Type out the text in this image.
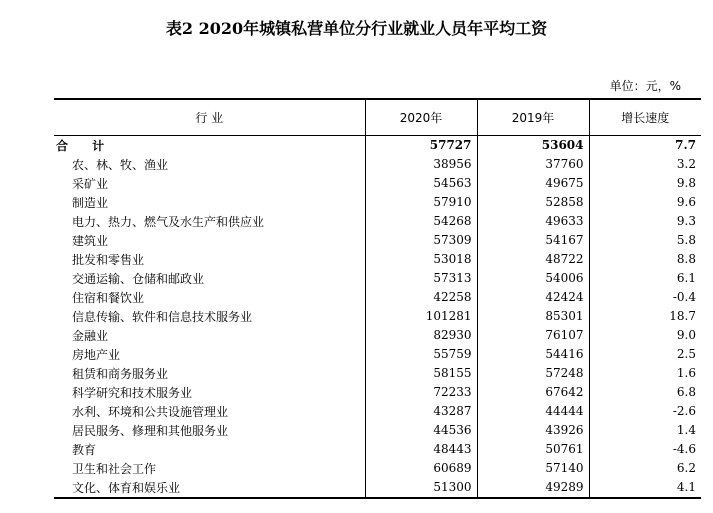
表2 2020年城镇私营单位分行业就业人员年平均工资
单位：元，%
行 业	2020年	2019年	增长速度
合 计	57727	53604	7.7
农、林、牧、渔业	38956	37760	3.2
采矿业	54563	49675	9.8
制造业	57910	52858	9.6
电力、热力、燃气及水生产和供应业	54268	49633	9.3
建筑业	57309	54167	5.8
批发和零售业	53018	48722	8.8
交通运输、仓储和邮政业	57313	54006	6.1
住宿和餐饮业	42258	42424	-0.4
信息传输、软件和信息技术服务业	101281	85301	18.7
金融业	82930	76107	9.0
房地产业	55759	54416	2.5
租赁和商务服务业	58155	57248	1.6
科学研究和技术服务业	72233	67642	6.8
水利、环境和公共设施管理业	43287	44444	-2.6
居民服务、修理和其他服务业	44536	43926	1.4
教育	48443	50761	-4.6
卫生和社会工作	60689	57140	6.2
文化、体育和娱乐业	51300	49289	4.1
